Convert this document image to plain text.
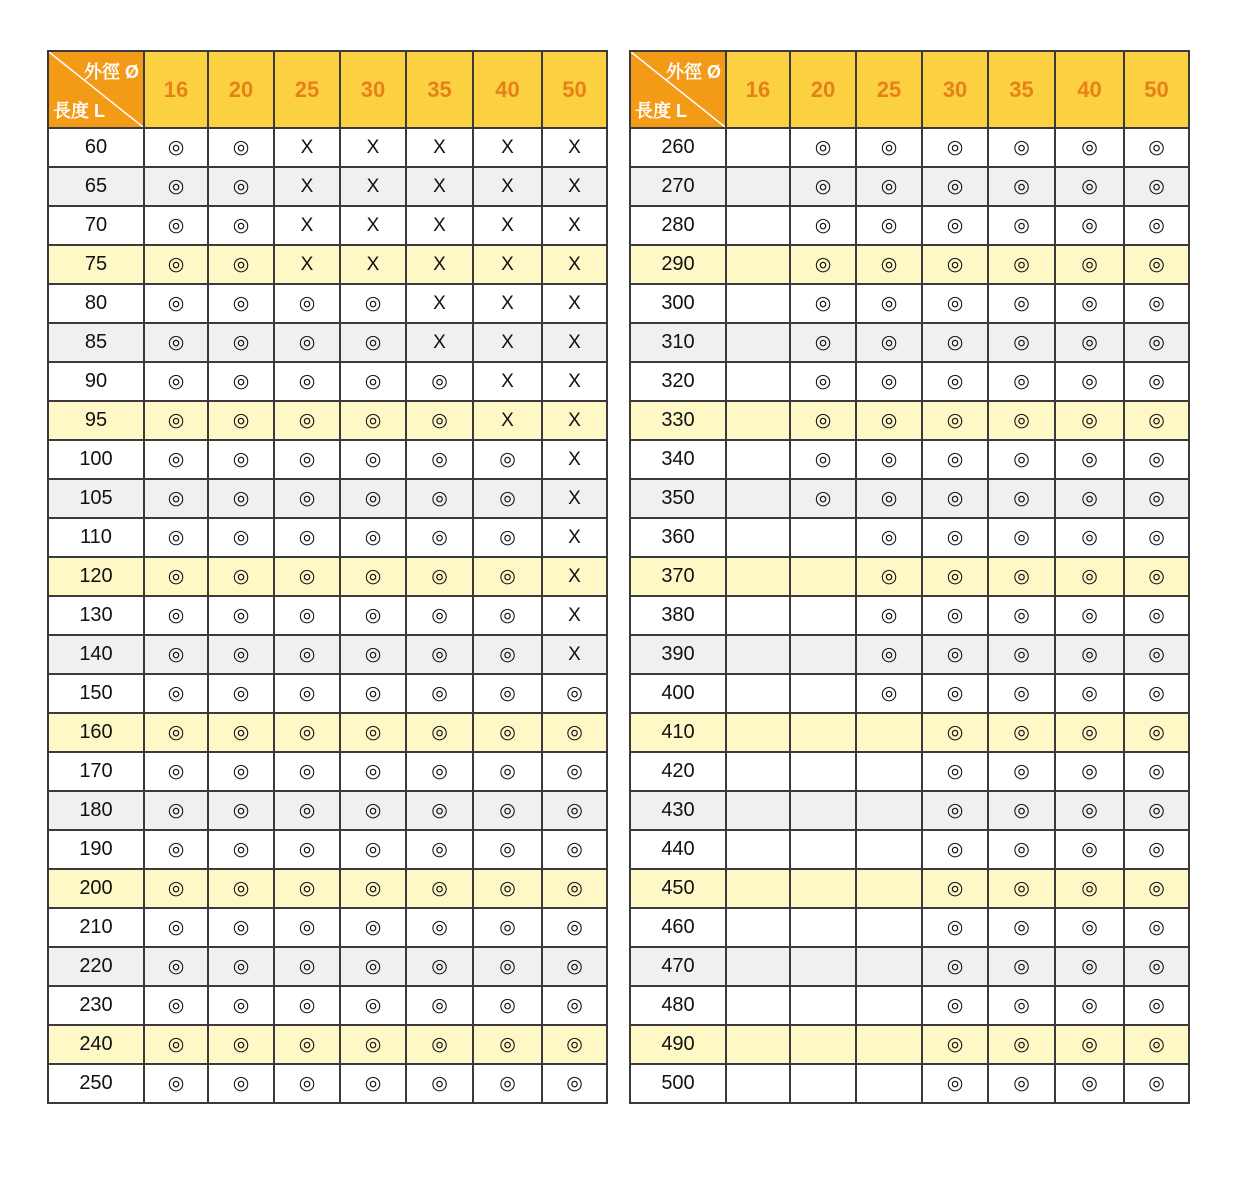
外徑 Ø
長度 L	16	20	25	30	35	40	50
60	◎	◎	X	X	X	X	X
65	◎	◎	X	X	X	X	X
70	◎	◎	X	X	X	X	X
75	◎	◎	X	X	X	X	X
80	◎	◎	◎	◎	X	X	X
85	◎	◎	◎	◎	X	X	X
90	◎	◎	◎	◎	◎	X	X
95	◎	◎	◎	◎	◎	X	X
100	◎	◎	◎	◎	◎	◎	X
105	◎	◎	◎	◎	◎	◎	X
110	◎	◎	◎	◎	◎	◎	X
120	◎	◎	◎	◎	◎	◎	X
130	◎	◎	◎	◎	◎	◎	X
140	◎	◎	◎	◎	◎	◎	X
150	◎	◎	◎	◎	◎	◎	◎
160	◎	◎	◎	◎	◎	◎	◎
170	◎	◎	◎	◎	◎	◎	◎
180	◎	◎	◎	◎	◎	◎	◎
190	◎	◎	◎	◎	◎	◎	◎
200	◎	◎	◎	◎	◎	◎	◎
210	◎	◎	◎	◎	◎	◎	◎
220	◎	◎	◎	◎	◎	◎	◎
230	◎	◎	◎	◎	◎	◎	◎
240	◎	◎	◎	◎	◎	◎	◎
250	◎	◎	◎	◎	◎	◎	◎
外徑 Ø
長度 L	16	20	25	30	35	40	50
260		◎	◎	◎	◎	◎	◎
270		◎	◎	◎	◎	◎	◎
280		◎	◎	◎	◎	◎	◎
290		◎	◎	◎	◎	◎	◎
300		◎	◎	◎	◎	◎	◎
310		◎	◎	◎	◎	◎	◎
320		◎	◎	◎	◎	◎	◎
330		◎	◎	◎	◎	◎	◎
340		◎	◎	◎	◎	◎	◎
350		◎	◎	◎	◎	◎	◎
360			◎	◎	◎	◎	◎
370			◎	◎	◎	◎	◎
380			◎	◎	◎	◎	◎
390			◎	◎	◎	◎	◎
400			◎	◎	◎	◎	◎
410				◎	◎	◎	◎
420				◎	◎	◎	◎
430				◎	◎	◎	◎
440				◎	◎	◎	◎
450				◎	◎	◎	◎
460				◎	◎	◎	◎
470				◎	◎	◎	◎
480				◎	◎	◎	◎
490				◎	◎	◎	◎
500				◎	◎	◎	◎
